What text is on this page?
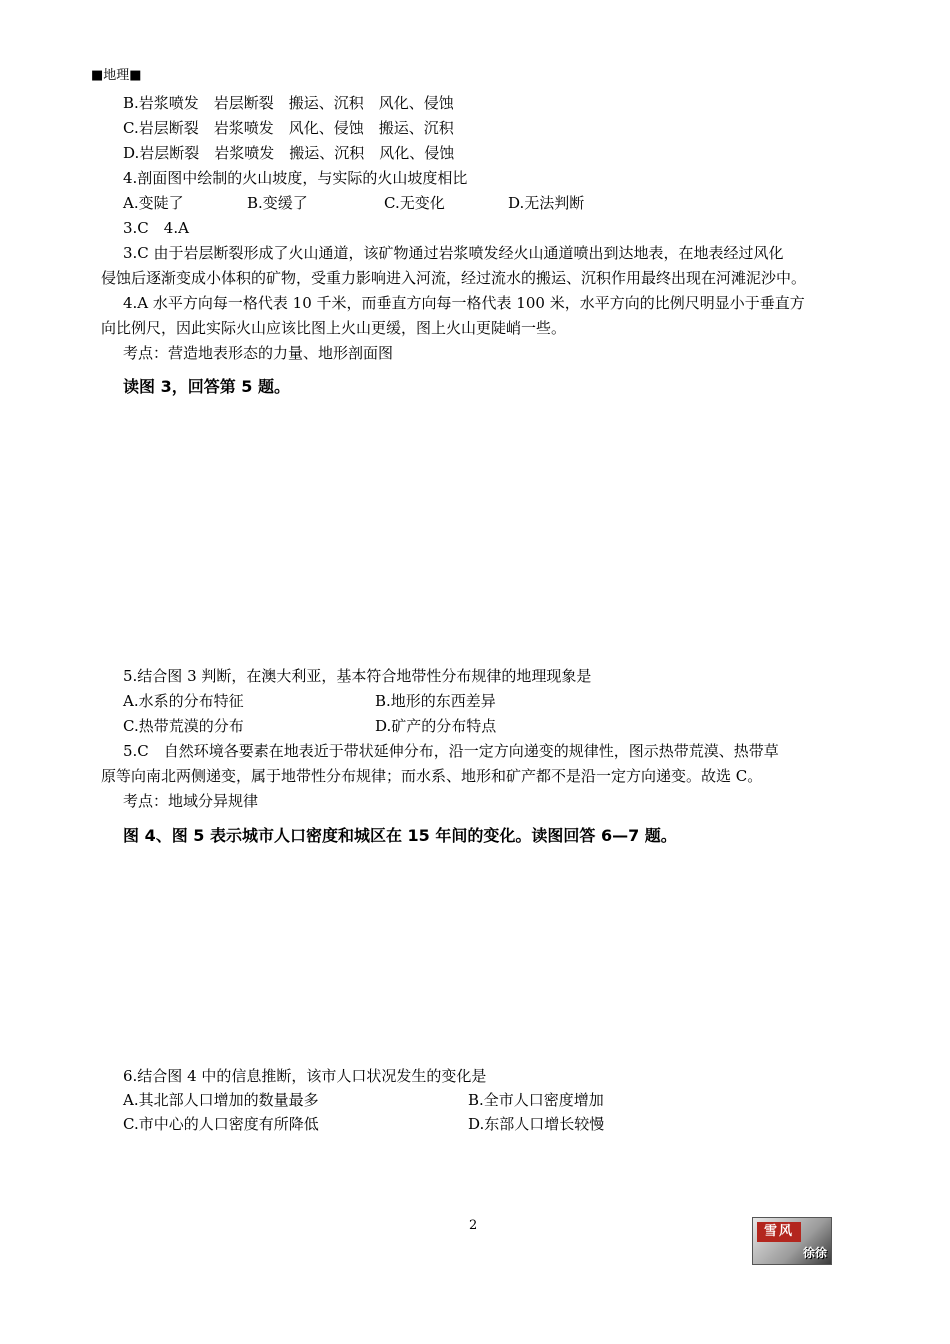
■地理■
B.岩浆喷发　岩层断裂　搬运、沉积　风化、侵蚀
C.岩层断裂　岩浆喷发　风化、侵蚀　搬运、沉积
D.岩层断裂　岩浆喷发　搬运、沉积　风化、侵蚀
4.剖面图中绘制的火山坡度，与实际的火山坡度相比
A.变陡了	B.变缓了	C.无变化	D.无法判断
3.C　4.A
3.C 由于岩层断裂形成了火山通道，该矿物通过岩浆喷发经火山通道喷出到达地表，在地表经过风化
侵蚀后逐渐变成小体积的矿物，受重力影响进入河流，经过流水的搬运、沉积作用最终出现在河滩泥沙中。
4.A 水平方向每一格代表 10 千米，而垂直方向每一格代表 100 米，水平方向的比例尺明显小于垂直方
向比例尺，因此实际火山应该比图上火山更缓，图上火山更陡峭一些。
考点：营造地表形态的力量、地形剖面图
读图 3，回答第 5 题。
5.结合图 3 判断，在澳大利亚，基本符合地带性分布规律的地理现象是
A.水系的分布特征	B.地形的东西差异
C.热带荒漠的分布	D.矿产的分布特点
5.C　自然环境各要素在地表近于带状延伸分布，沿一定方向递变的规律性，图示热带荒漠、热带草
原等向南北两侧递变，属于地带性分布规律；而水系、地形和矿产都不是沿一定方向递变。故选 C。
考点：地域分异规律
图 4、图 5 表示城市人口密度和城区在 15 年间的变化。读图回答 6—7 题。
6.结合图 4 中的信息推断，该市人口状况发生的变化是
A.其北部人口增加的数量最多	B.全市人口密度增加
C.市中心的人口密度有所降低	D.东部人口增长较慢
2	雪风
徐徐
